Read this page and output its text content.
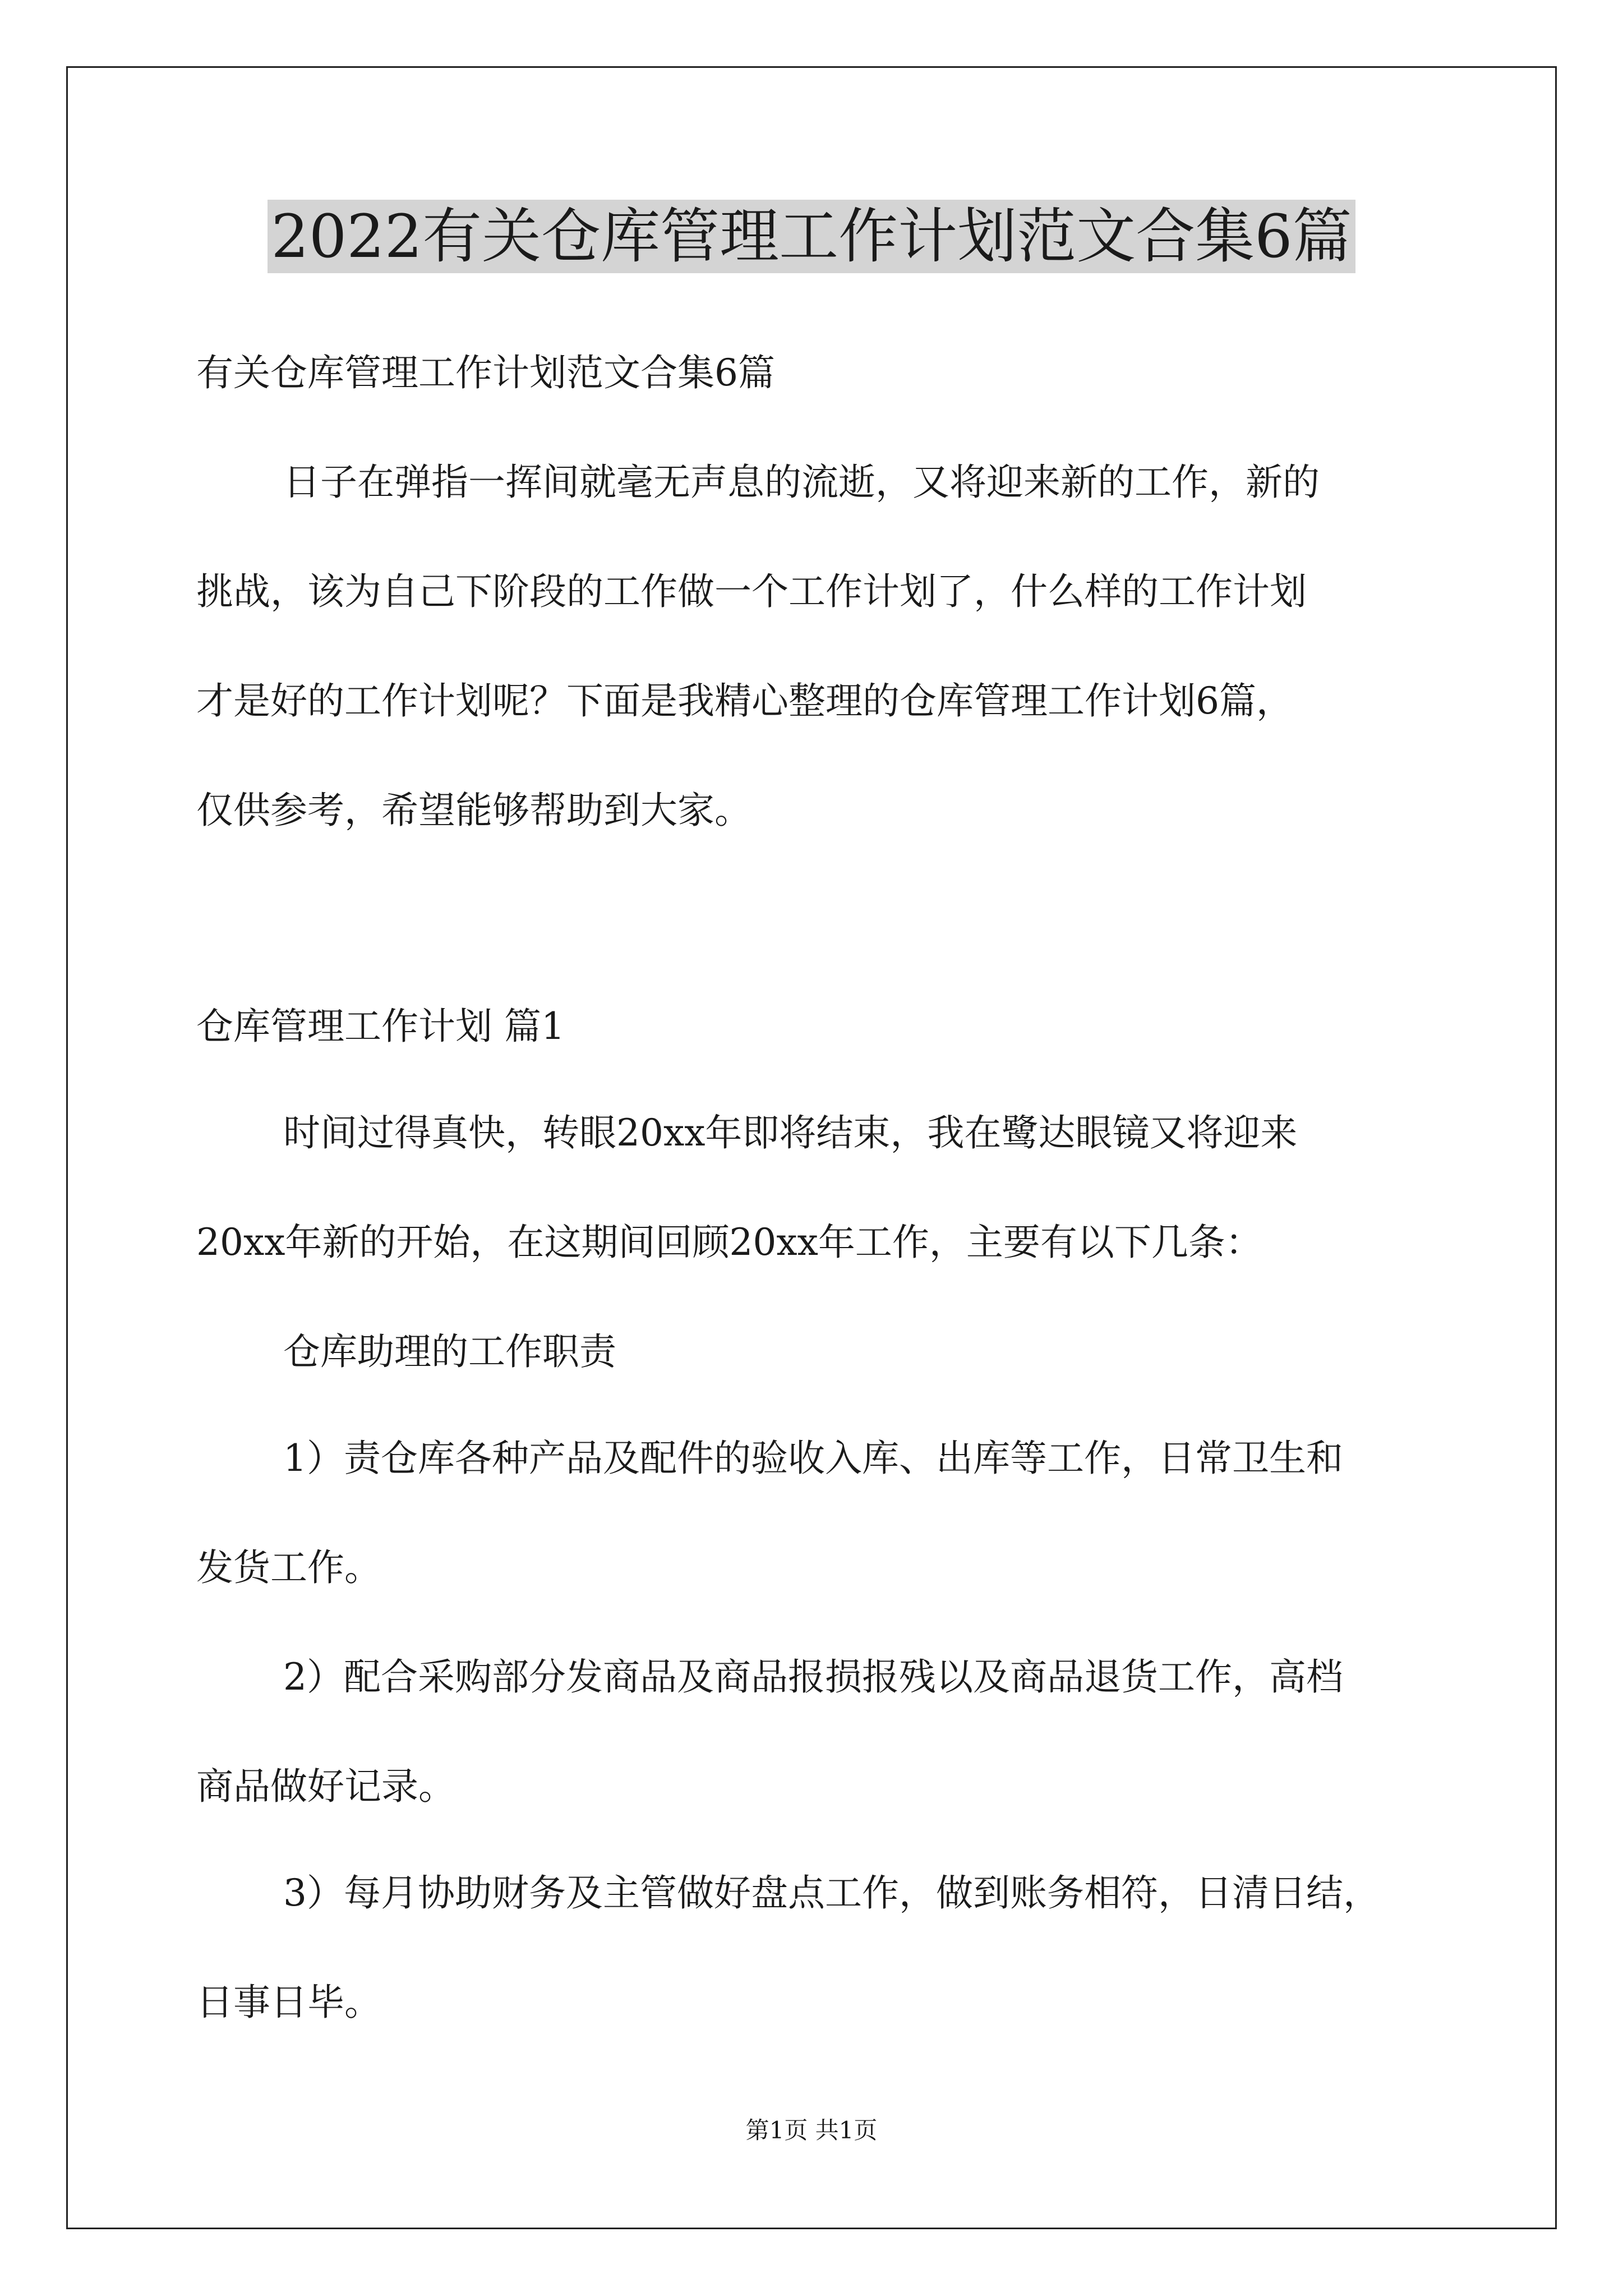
2022有关仓库管理工作计划范文合集6篇

有关仓库管理工作计划范文合集6篇

日子在弹指一挥间就毫无声息的流逝，又将迎来新的工作，新的

挑战，该为自己下阶段的工作做一个工作计划了，什么样的工作计划

才是好的工作计划呢？下面是我精心整理的仓库管理工作计划6篇，

仅供参考，希望能够帮助到大家。

仓库管理工作计划 篇1

时间过得真快，转眼20xx年即将结束，我在鹭达眼镜又将迎来

20xx年新的开始，在这期间回顾20xx年工作，主要有以下几条：

仓库助理的工作职责

1）责仓库各种产品及配件的验收入库、出库等工作，日常卫生和

发货工作。

2）配合采购部分发商品及商品报损报残以及商品退货工作，高档

商品做好记录。

3）每月协助财务及主管做好盘点工作，做到账务相符，日清日结，

日事日毕。

第1页 共1页
